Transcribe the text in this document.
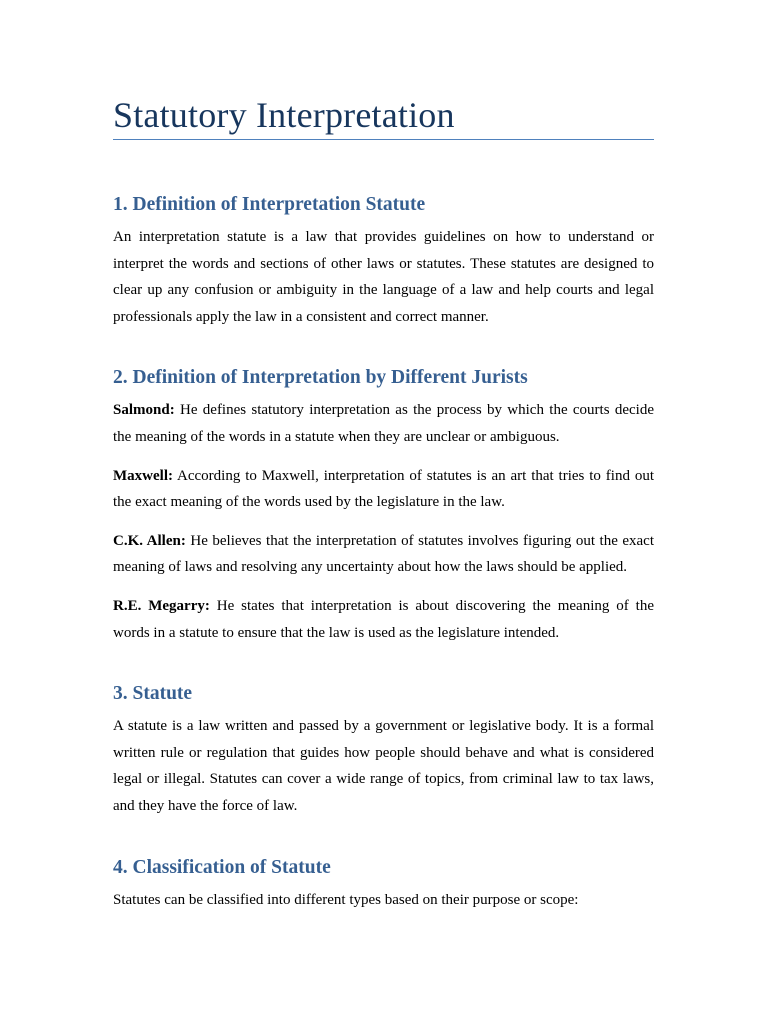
Statutory Interpretation
1. Definition of Interpretation Statute

An interpretation statute is a law that provides guidelines on how to understand or interpret the words and sections of other laws or statutes. These statutes are designed to clear up any confusion or ambiguity in the language of a law and help courts and legal professionals apply the law in a consistent and correct manner.

2. Definition of Interpretation by Different Jurists

Salmond: He defines statutory interpretation as the process by which the courts decide the meaning of the words in a statute when they are unclear or ambiguous.

Maxwell: According to Maxwell, interpretation of statutes is an art that tries to find out the exact meaning of the words used by the legislature in the law.

C.K. Allen: He believes that the interpretation of statutes involves figuring out the exact meaning of laws and resolving any uncertainty about how the laws should be applied.

R.E. Megarry: He states that interpretation is about discovering the meaning of the words in a statute to ensure that the law is used as the legislature intended.

3. Statute

A statute is a law written and passed by a government or legislative body. It is a formal written rule or regulation that guides how people should behave and what is considered legal or illegal. Statutes can cover a wide range of topics, from criminal law to tax laws, and they have the force of law.

4. Classification of Statute

Statutes can be classified into different types based on their purpose or scope:
